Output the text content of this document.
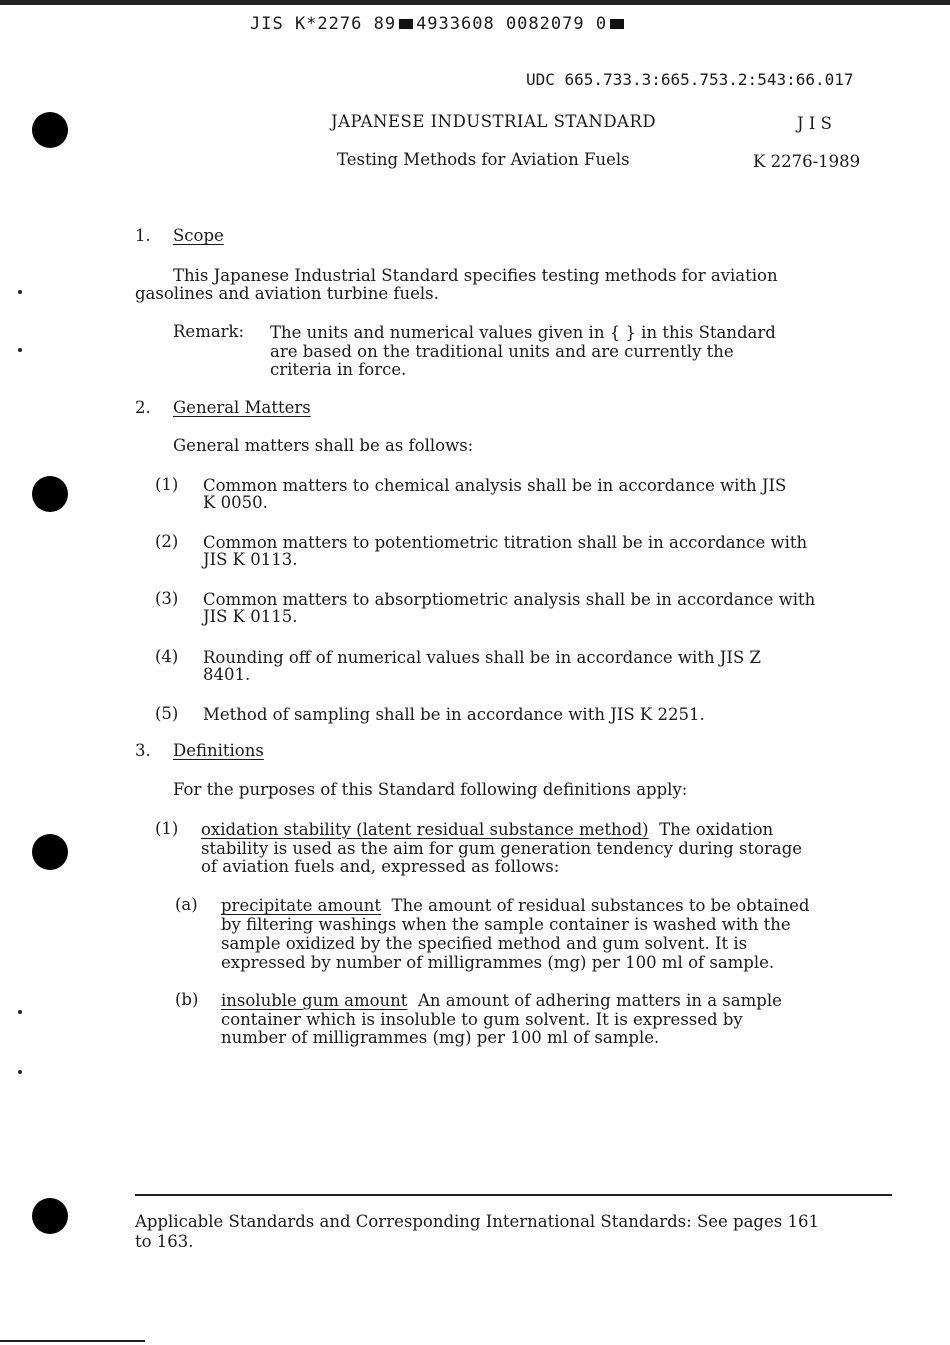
JIS K*2276 89 4933608 0082079 0
UDC 665.733.3:665.753.2:543:66.017
JAPANESE INDUSTRIAL STANDARD	J I S
Testing Methods for Aviation Fuels	K 2276-1989
1. Scope

This Japanese Industrial Standard specifies testing methods for aviation

gasolines and aviation turbine fuels.

Remark: The units and numerical values given in { } in this Standard

are based on the traditional units and are currently the

criteria in force.

2. General Matters

General matters shall be as follows:

(1) Common matters to chemical analysis shall be in accordance with JIS

K 0050.

(2) Common matters to potentiometric titration shall be in accordance with

JIS K 0113.

(3) Common matters to absorptiometric analysis shall be in accordance with

JIS K 0115.

(4) Rounding off of numerical values shall be in accordance with JIS Z

8401.

(5) Method of sampling shall be in accordance with JIS K 2251.

3. Definitions

For the purposes of this Standard following definitions apply:

(1) oxidation stability (latent residual substance method) The oxidation

stability is used as the aim for gum generation tendency during storage

of aviation fuels and, expressed as follows:

(a) precipitate amount The amount of residual substances to be obtained

by filtering washings when the sample container is washed with the

sample oxidized by the specified method and gum solvent. It is

expressed by number of milligrammes (mg) per 100 ml of sample.

(b) insoluble gum amount An amount of adhering matters in a sample

container which is insoluble to gum solvent. It is expressed by

number of milligrammes (mg) per 100 ml of sample.

Applicable Standards and Corresponding International Standards: See pages 161

to 163.
